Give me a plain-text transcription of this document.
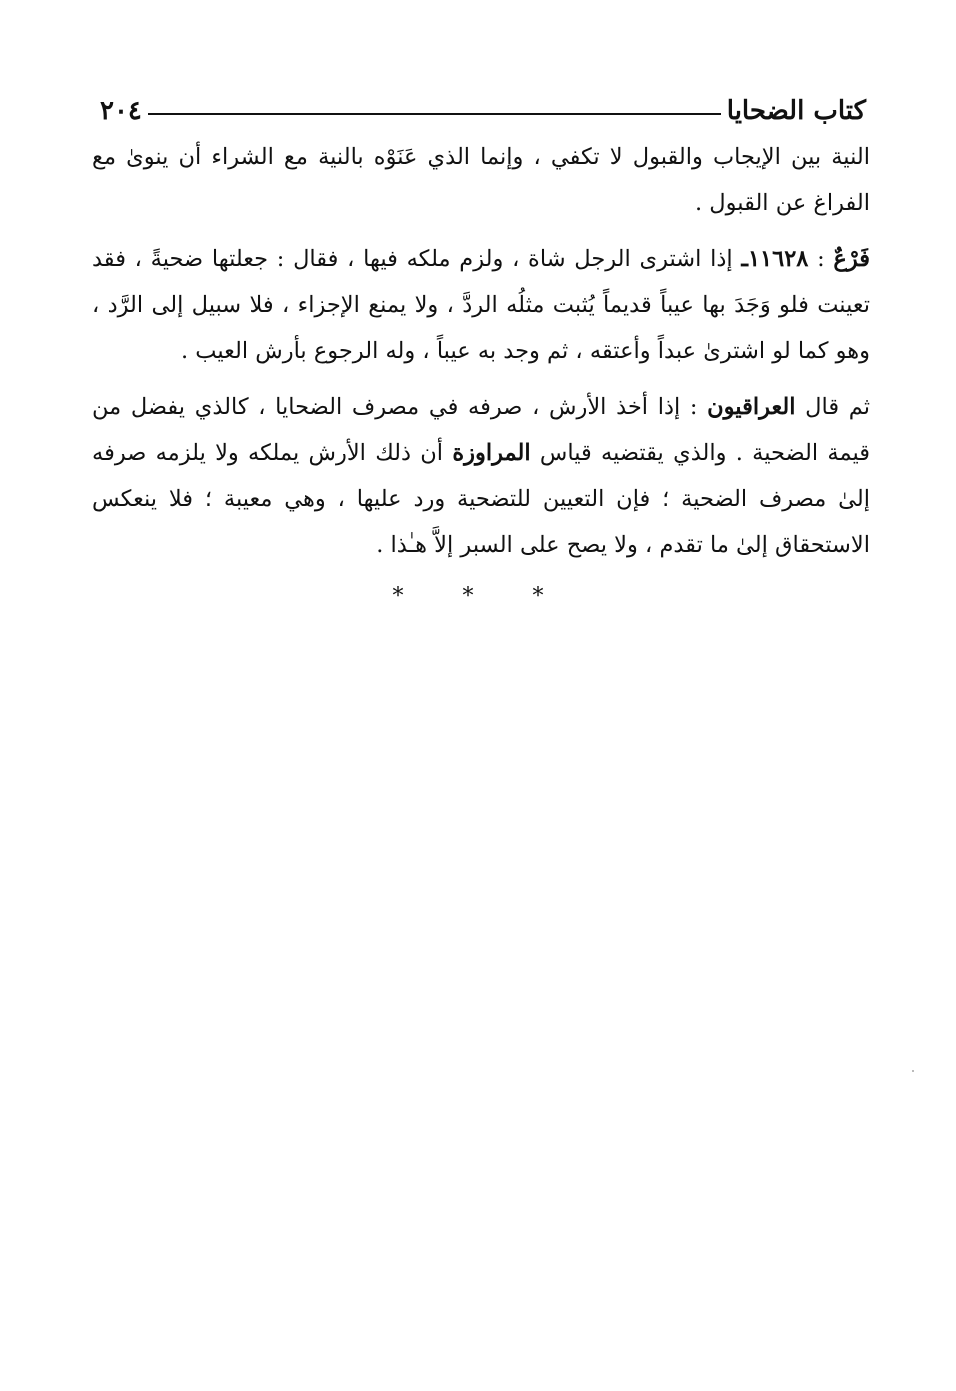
كتاب الضحايا
٢٠٤

النية بين الإيجاب والقبول لا تكفي ، وإنما الذي عَنَوْه بالنية مع الشراء أن ينوىٰ مع الفراغ عن القبول .

فَرْعٌ : ١١٦٢٨ـ إذا اشترى الرجل شاة ، ولزم ملكه فيها ، فقال : جعلتها ضحيةً ، فقد تعينت فلو وَجَدَ بها عيباً قديماً يُثبت مثلُه الردَّ ، ولا يمنع الإجزاء ، فلا سبيل إلى الرَّد ، وهو كما لو اشترىٰ عبداً وأعتقه ، ثم وجد به عيباً ، وله الرجوع بأرش العيب .

ثم قال العراقيون : إذا أخذ الأرش ، صرفه في مصرف الضحايا ، كالذي يفضل من قيمة الضحية . والذي يقتضيه قياس المراوزة أن ذلك الأرش يملكه ولا يلزمه صرفه إلىٰ مصرف الضحية ؛ فإن التعيين للتضحية ورد عليها ، وهي معيبة ؛ فلا ينعكس الاستحقاق إلىٰ ما تقدم ، ولا يصح على السبر إلاَّ هـٰذا .

* * *
